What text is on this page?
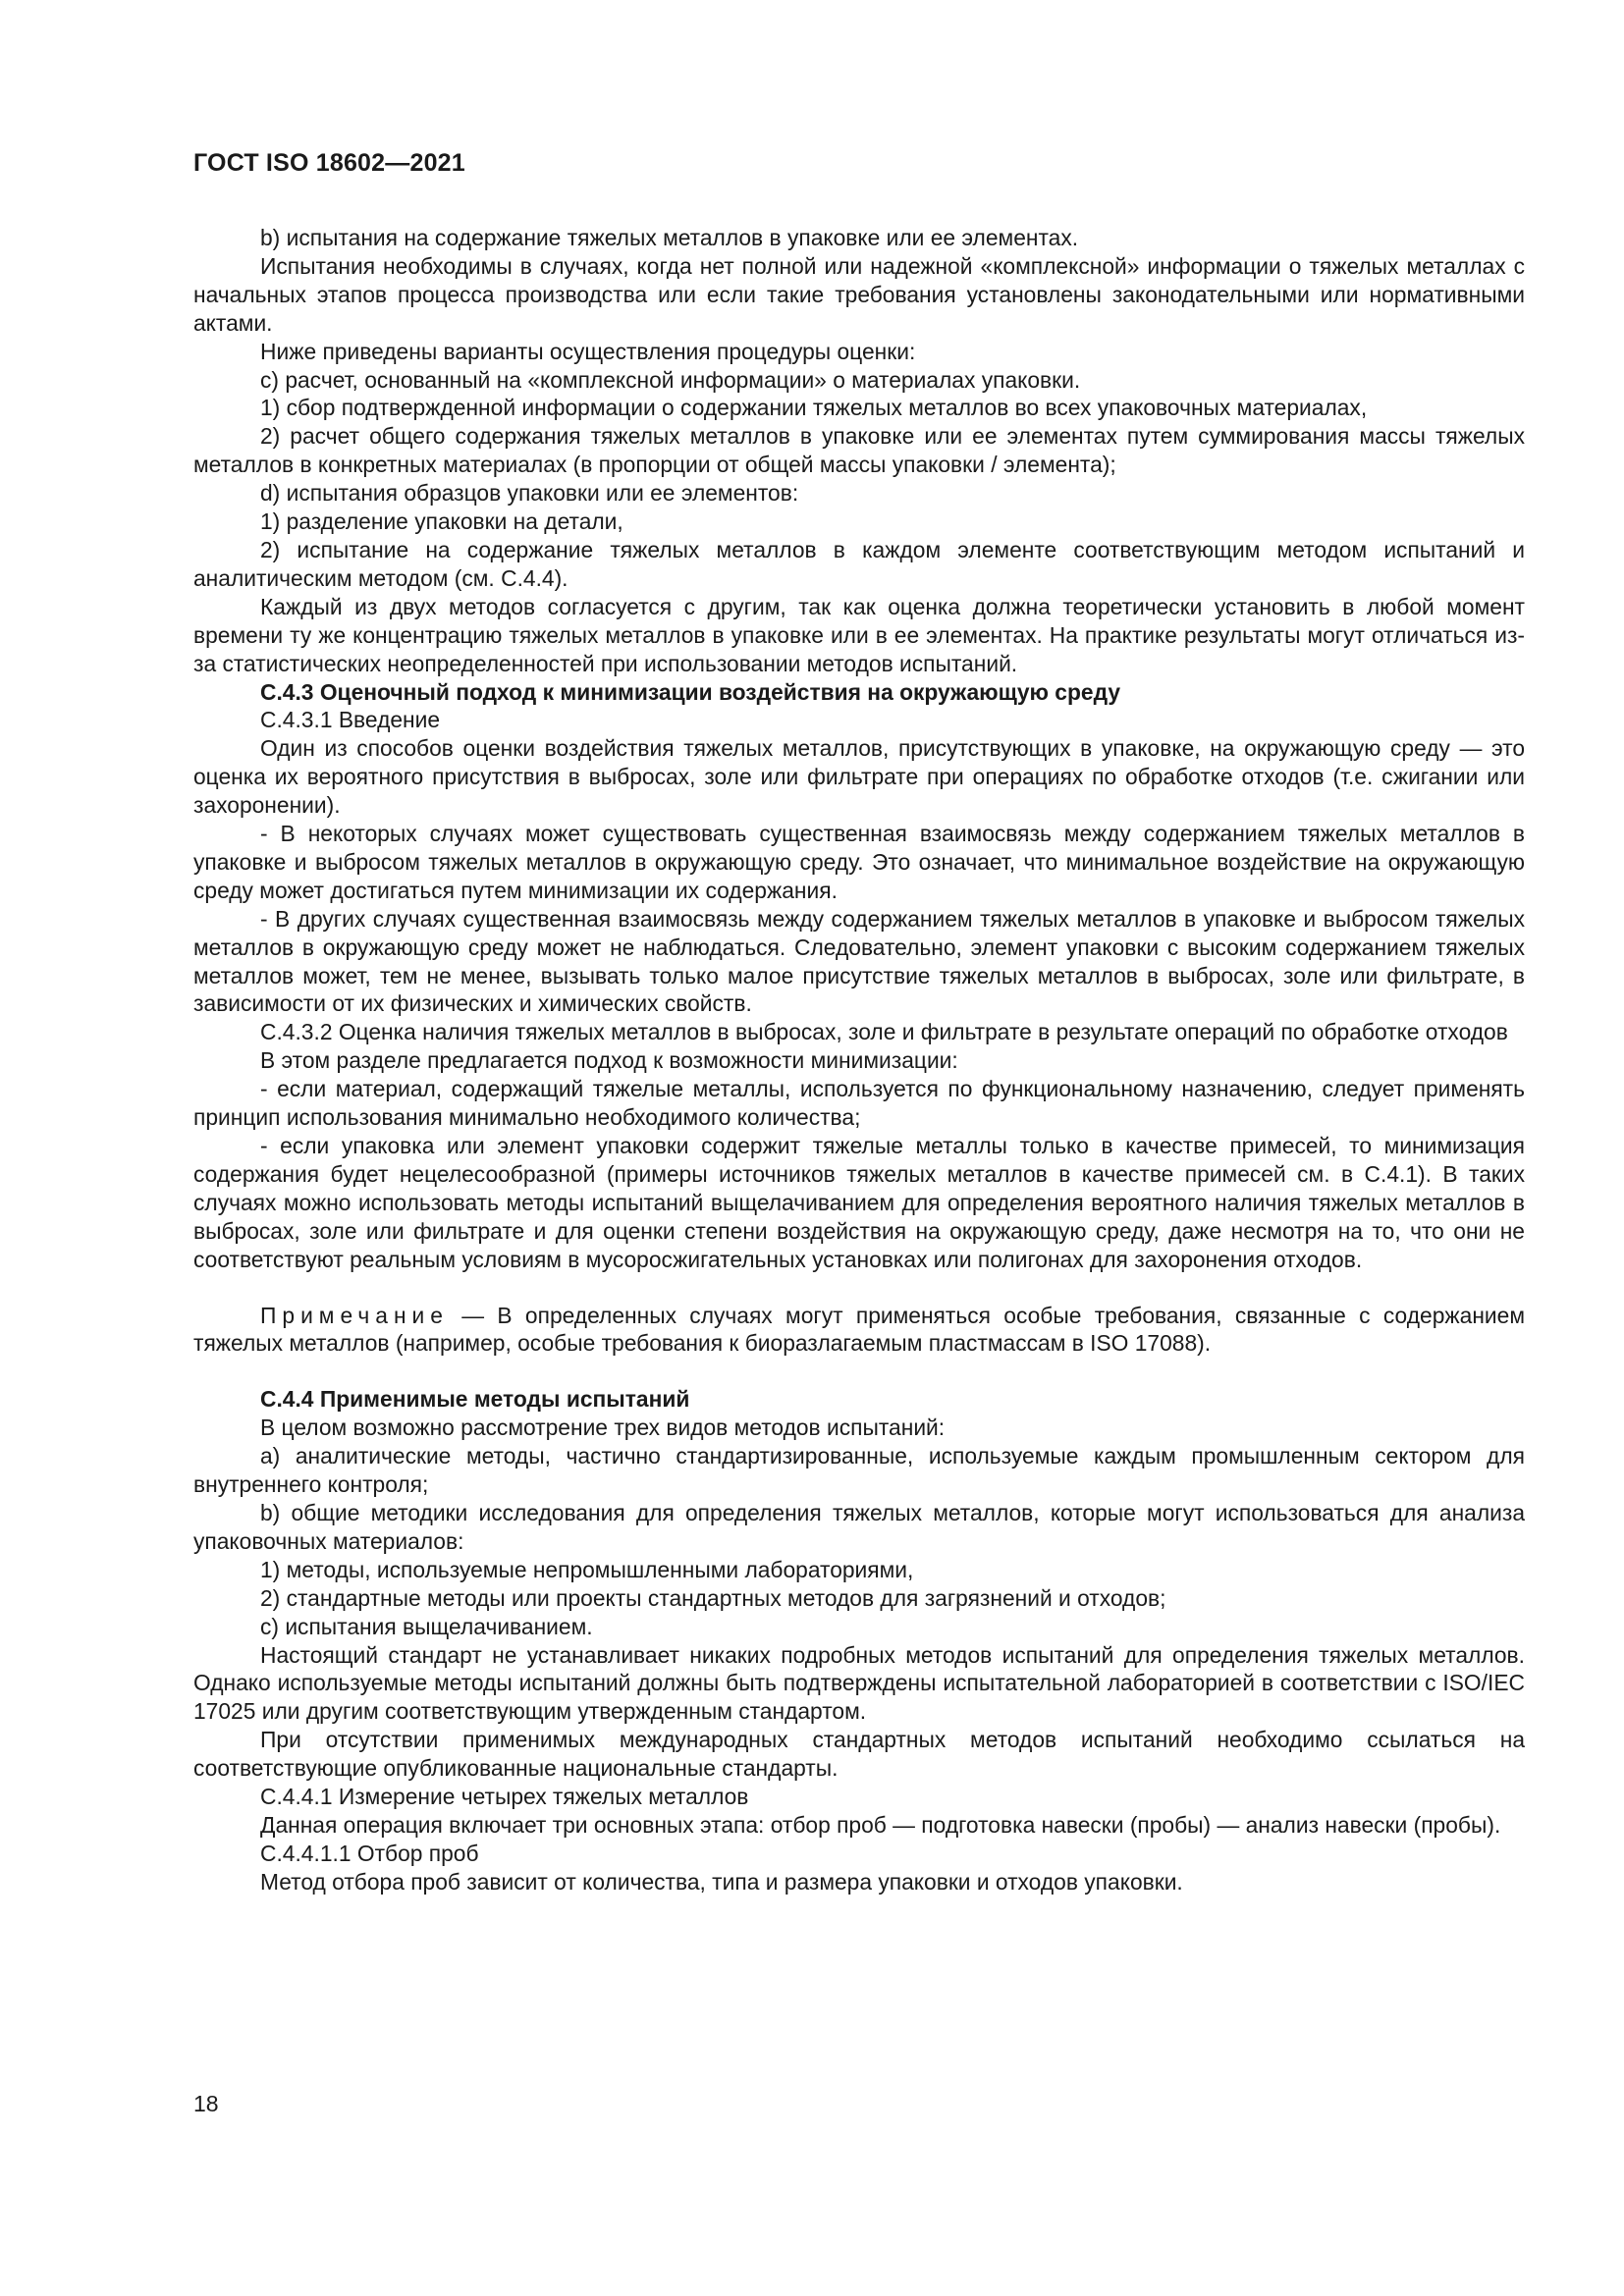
ГОСТ ISO 18602—2021

b) испытания на содержание тяжелых металлов в упаковке или ее элементах.

Испытания необходимы в случаях, когда нет полной или надежной «комплексной» информации о тяжелых металлах с начальных этапов процесса производства или если такие требования установлены законодательными или нормативными актами.

Ниже приведены варианты осуществления процедуры оценки:

c) расчет, основанный на «комплексной информации» о материалах упаковки.

1) сбор подтвержденной информации о содержании тяжелых металлов во всех упаковочных материалах,

2) расчет общего содержания тяжелых металлов в упаковке или ее элементах путем суммирования массы тяжелых металлов в конкретных материалах (в пропорции от общей массы упаковки / элемента);

d) испытания образцов упаковки или ее элементов:

1) разделение упаковки на детали,

2) испытание на содержание тяжелых металлов в каждом элементе соответствующим методом испытаний и аналитическим методом (см. С.4.4).

Каждый из двух методов согласуется с другим, так как оценка должна теоретически установить в любой момент времени ту же концентрацию тяжелых металлов в упаковке или в ее элементах. На практике результаты могут отличаться из-за статистических неопределенностей при использовании методов испытаний.

С.4.3 Оценочный подход к минимизации воздействия на окружающую среду

С.4.3.1 Введение

Один из способов оценки воздействия тяжелых металлов, присутствующих в упаковке, на окружающую среду — это оценка их вероятного присутствия в выбросах, золе или фильтрате при операциях по обработке отходов (т.е. сжигании или захоронении).

- В некоторых случаях может существовать существенная взаимосвязь между содержанием тяжелых металлов в упаковке и выбросом тяжелых металлов в окружающую среду. Это означает, что минимальное воздействие на окружающую среду может достигаться путем минимизации их содержания.

- В других случаях существенная взаимосвязь между содержанием тяжелых металлов в упаковке и выбросом тяжелых металлов в окружающую среду может не наблюдаться. Следовательно, элемент упаковки с высоким содержанием тяжелых металлов может, тем не менее, вызывать только малое присутствие тяжелых металлов в выбросах, золе или фильтрате, в зависимости от их физических и химических свойств.

С.4.3.2 Оценка наличия тяжелых металлов в выбросах, золе и фильтрате в результате операций по обработке отходов

В этом разделе предлагается подход к возможности минимизации:

- если материал, содержащий тяжелые металлы, используется по функциональному назначению, следует применять принцип использования минимально необходимого количества;

- если упаковка или элемент упаковки содержит тяжелые металлы только в качестве примесей, то минимизация содержания будет нецелесообразной (примеры источников тяжелых металлов в качестве примесей см. в С.4.1). В таких случаях можно использовать методы испытаний выщелачиванием для определения вероятного наличия тяжелых металлов в выбросах, золе или фильтрате и для оценки степени воздействия на окружающую среду, даже несмотря на то, что они не соответствуют реальным условиям в мусоросжигательных установках или полигонах для захоронения отходов.

Примечание — В определенных случаях могут применяться особые требования, связанные с содержанием тяжелых металлов (например, особые требования к биоразлагаемым пластмассам в ISO 17088).

С.4.4 Применимые методы испытаний

В целом возможно рассмотрение трех видов методов испытаний:

a) аналитические методы, частично стандартизированные, используемые каждым промышленным сектором для внутреннего контроля;

b) общие методики исследования для определения тяжелых металлов, которые могут использоваться для анализа упаковочных материалов:

1) методы, используемые непромышленными лабораториями,

2) стандартные методы или проекты стандартных методов для загрязнений и отходов;

c) испытания выщелачиванием.

Настоящий стандарт не устанавливает никаких подробных методов испытаний для определения тяжелых металлов. Однако используемые методы испытаний должны быть подтверждены испытательной лабораторией в соответствии с ISO/IEC 17025 или другим соответствующим утвержденным стандартом.

При отсутствии применимых международных стандартных методов испытаний необходимо ссылаться на соответствующие опубликованные национальные стандарты.

С.4.4.1 Измерение четырех тяжелых металлов

Данная операция включает три основных этапа: отбор проб — подготовка навески (пробы) — анализ навески (пробы).

С.4.4.1.1 Отбор проб

Метод отбора проб зависит от количества, типа и размера упаковки и отходов упаковки.

18
